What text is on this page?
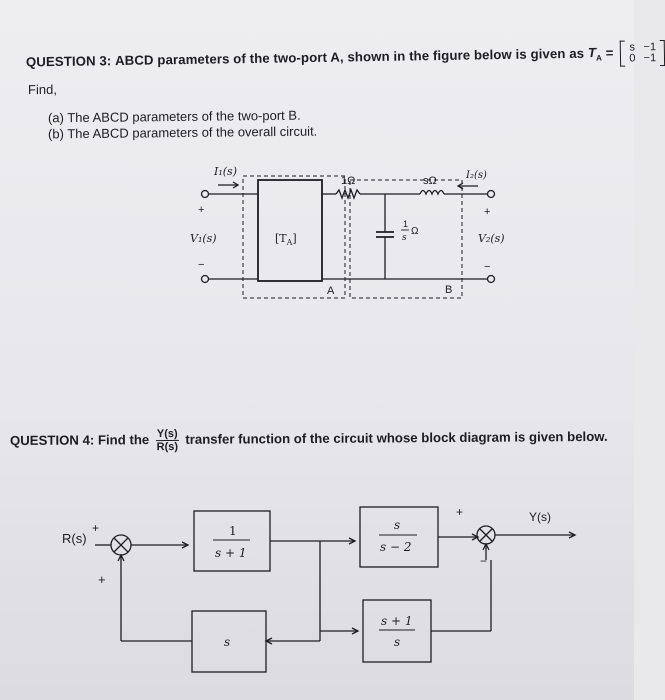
QUESTION 3: ABCD parameters of the two-port A, shown in the figure below is given as $T_A = s$	−1
0	−1
Find,
(a) The ABCD parameters of the two-port B.
(b) The ABCD parameters of the overall circuit.
I₁(s)
+
V₁(s)
−
$[T_A]$
A
1Ω	sΩ	I₂(s)
1
s
Ω
+
V₂(s)
−
B
R(s)
+
+
1
s + 1
s
s − 2
s + 1
s
s
+
−
Y(s)
QUESTION 4: Find the $\frac{Y(s)}{R(s)}$ transfer function of the circuit whose block diagram is given below.
